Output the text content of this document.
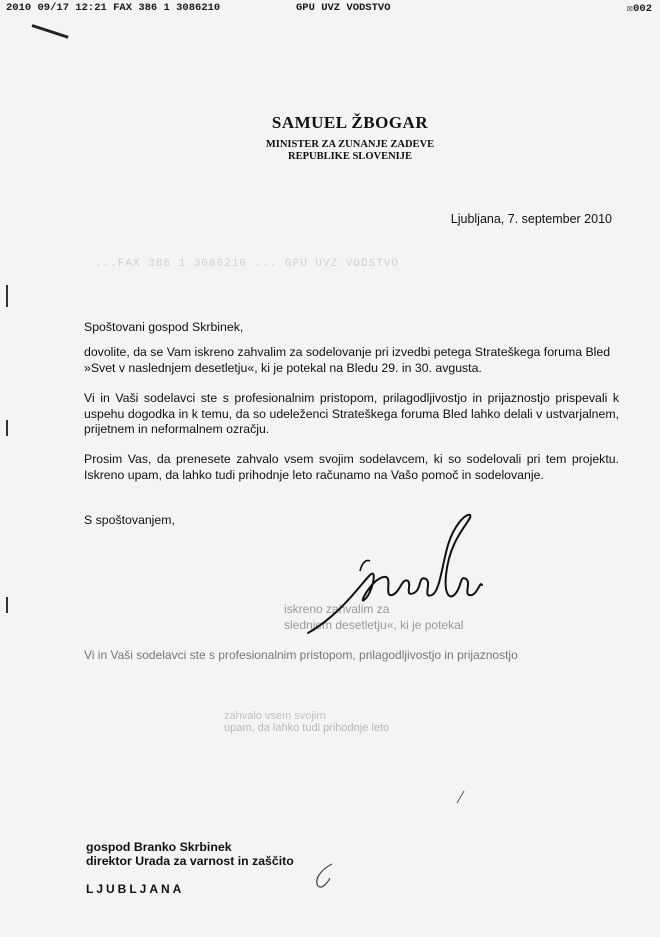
2010 09/17 12:21 FAX 386 1 3086210	GPU UVZ VODSTVO	☒002
SAMUEL ŽBOGAR
MINISTER ZA ZUNANJE ZADEVE
REPUBLIKE SLOVENIJE
Ljubljana, 7. september 2010
...FAX 386 1 3086210 ... GPU UVZ VODSTVO
Spoštovani gospod Skrbinek,
dovolite, da se Vam iskreno zahvalim za sodelovanje pri izvedbi petega Strateškega foruma Bled »Svet v naslednjem desetletju«, ki je potekal na Bledu 29. in 30. avgusta.
Vi in Vaši sodelavci ste s profesionalnim pristopom, prilagodljivostjo in prijaznostjo prispevali k uspehu dogodka in k temu, da so udeleženci Strateškega foruma Bled lahko delali v ustvarjalnem, prijetnem in neformalnem ozračju.
Prosim Vas, da prenesete zahvalo vsem svojim sodelavcem, ki so sodelovali pri tem projektu. Iskreno upam, da lahko tudi prihodnje leto računamo na Vašo pomoč in sodelovanje.
S spoštovanjem,
iskreno zahvalim za
slednjem desetletju«, ki je potekal
Vi in Vaši sodelavci ste s profesionalnim pristopom, prilagodljivostjo in prijaznostjo
zahvalo vsem svojim
upam, da lahko tudi prihodnje leto
gospod Branko Skrbinek
direktor Urada za varnost in zaščito
LJUBLJANA
